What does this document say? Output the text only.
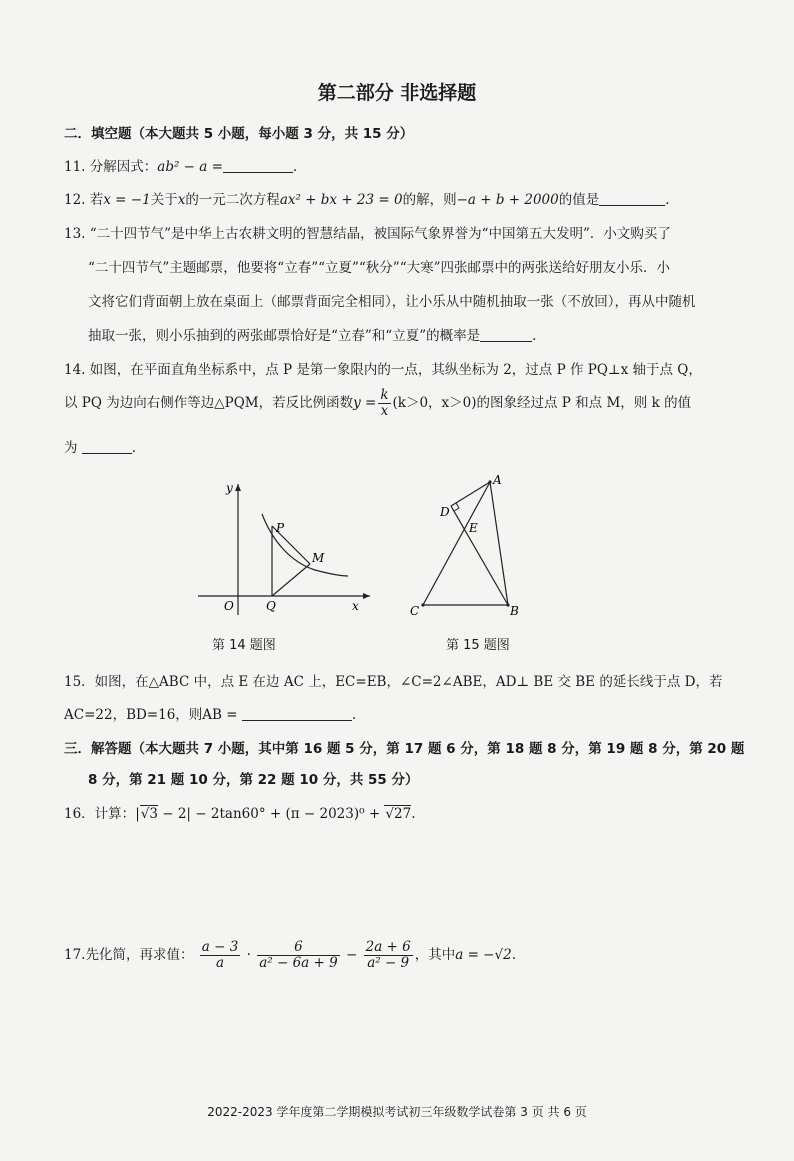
第二部分 非选择题
二．填空题（本大题共 5 小题，每小题 3 分，共 15 分）
11. 分解因式：ab² − a =	.
12. 若x = −1关于x的一元二次方程ax² + bx + 23 = 0的解，则−a + b + 2000的值是	.
13. “二十四节气”是中华上古农耕文明的智慧结晶，被国际气象界誉为“中国第五大发明”．小文购买了
“二十四节气”主题邮票，他要将“立春”“立夏”“秋分”“大寒”四张邮票中的两张送给好朋友小乐．小
文将它们背面朝上放在桌面上（邮票背面完全相同），让小乐从中随机抽取一张（不放回），再从中随机
抽取一张，则小乐抽到的两张邮票恰好是“立春”和“立夏”的概率是	.
14. 如图，在平面直角坐标系中，点 P 是第一象限内的一点，其纵坐标为 2，过点 P 作 PQ⊥x 轴于点 Q，
以 PQ 为边向右侧作等边△PQM，若反比例函数$y = \frac{k}{x} (k>0$，x＞0)的图象经过点 P 和点 M，则 k 的值
为	.
y
x
O	Q
P
M
第 14 题图
A
B
C
D
E
第 15 题图
15．如图，在△ABC 中，点 E 在边 AC 上，EC=EB，∠C=2∠ABE，AD⊥ BE 交 BE 的延长线于点 D，若
AC=22，BD=16，则AB =	.
三．解答题（本大题共 7 小题，其中第 16 题 5 分，第 17 题 6 分，第 18 题 8 分，第 19 题 8 分，第 20 题
8 分，第 21 题 10 分，第 22 题 10 分，共 55 分）
16．计算：|√3 − 2| − 2tan60° + (π − 2023)⁰ + √27.
17.先化简，再求值： $\frac{a - 3}{a} \cdot \frac{6}{\text{a² − 6a + 9}} - \frac{2a + 6}{\text{a² − 9}}$ ，其中a = −√2.
2022-2023 学年度第二学期模拟考试初三年级数学试卷第 3 页 共 6 页
